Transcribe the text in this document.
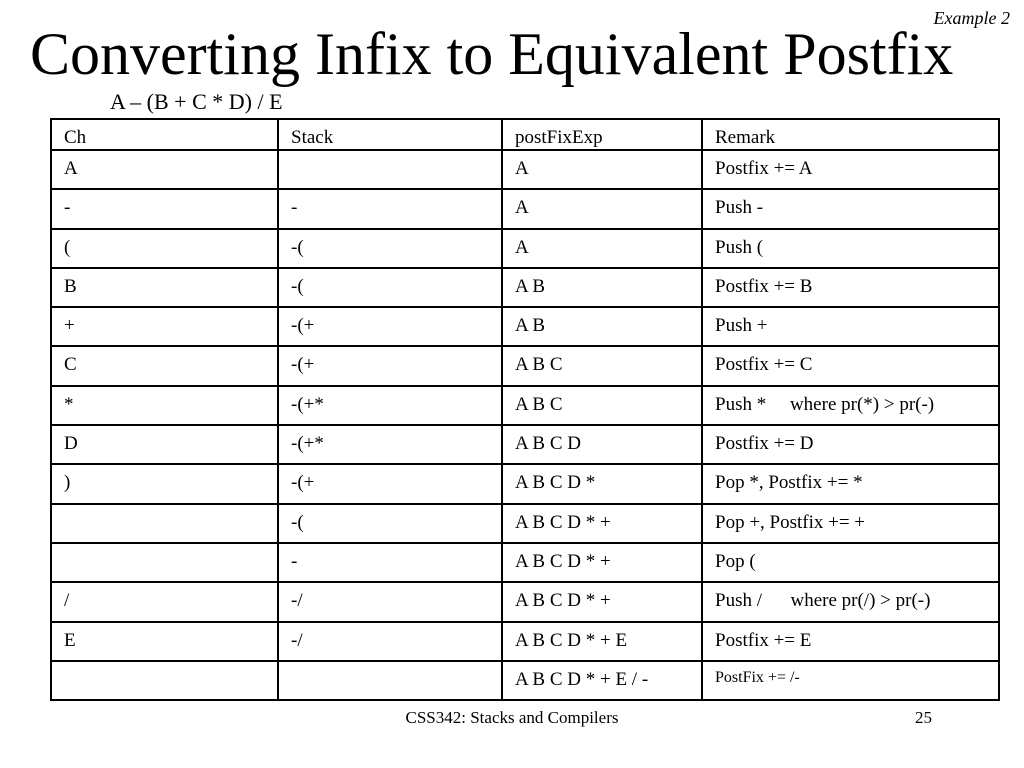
Example 2
Converting Infix to Equivalent Postfix
A – (B + C * D) / E
Ch	Stack	postFixExp	Remark
A		A	Postfix += A
-	-	A	Push -
(	-(	A	Push (
B	-(	A B	Postfix += B
+	-(+	A B	Push +
C	-(+	A B C	Postfix += C
*	-(+*	A B C	Push *     where pr(*) > pr(-)
D	-(+*	A B C D	Postfix += D
)	-(+	A B C D *	Pop *, Postfix += *
	-(	A B C D * +	Pop +, Postfix += +
	-	A B C D * +	Pop (
/	-/	A B C D * +	Push /      where pr(/) > pr(-)
E	-/	A B C D * + E	Postfix += E
		A B C D * + E / -	PostFix += /-
CSS342: Stacks and Compilers	25
